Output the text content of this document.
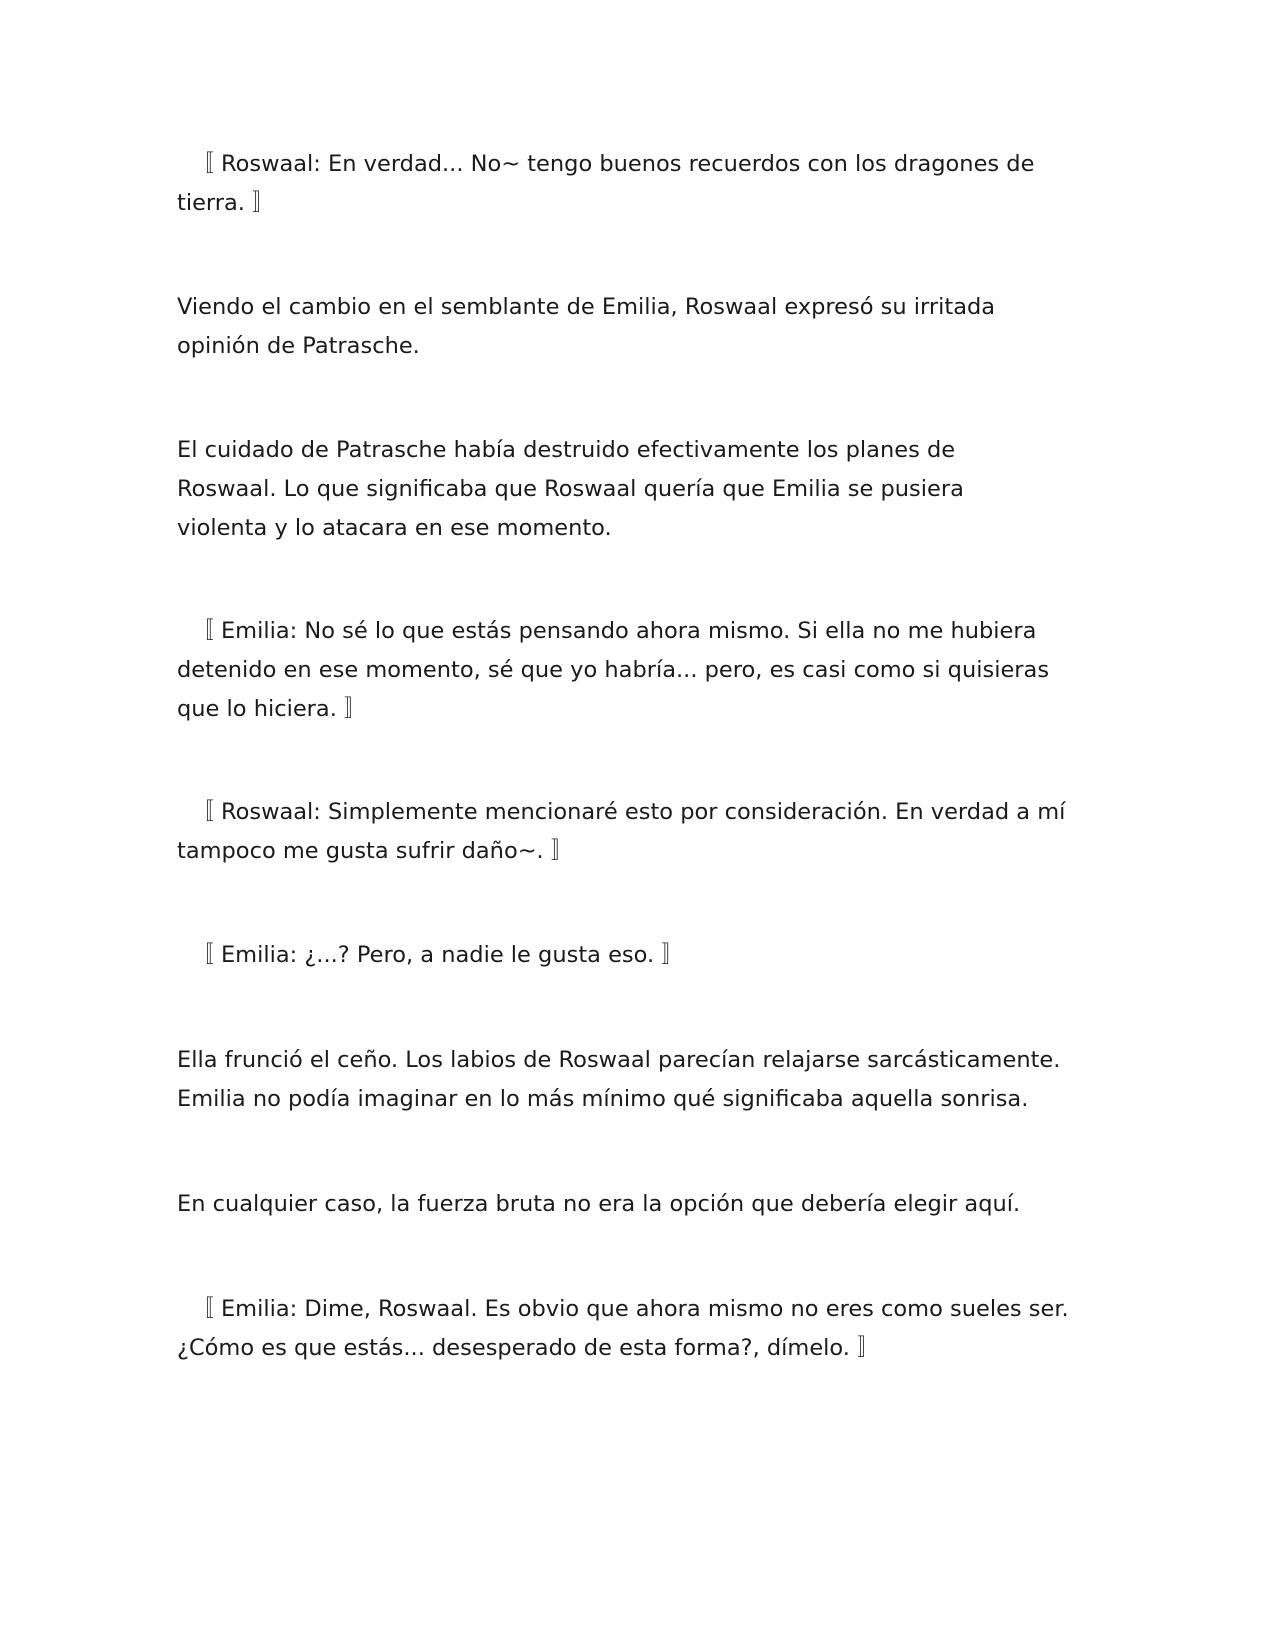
〚 Roswaal: En verdad... No~ tengo buenos recuerdos con los dragones de
tierra. 〛

Viendo el cambio en el semblante de Emilia, Roswaal expresó su irritada
opinión de Patrasche.

El cuidado de Patrasche había destruido efectivamente los planes de
Roswaal. Lo que significaba que Roswaal quería que Emilia se pusiera
violenta y lo atacara en ese momento.

〚 Emilia: No sé lo que estás pensando ahora mismo. Si ella no me hubiera
detenido en ese momento, sé que yo habría... pero, es casi como si quisieras
que lo hiciera. 〛

〚 Roswaal: Simplemente mencionaré esto por consideración. En verdad a mí
tampoco me gusta sufrir daño~. 〛

〚 Emilia: ¿...? Pero, a nadie le gusta eso. 〛

Ella frunció el ceño. Los labios de Roswaal parecían relajarse sarcásticamente.
Emilia no podía imaginar en lo más mínimo qué significaba aquella sonrisa.

En cualquier caso, la fuerza bruta no era la opción que debería elegir aquí.

〚 Emilia: Dime, Roswaal. Es obvio que ahora mismo no eres como sueles ser.
¿Cómo es que estás... desesperado de esta forma?, dímelo. 〛
